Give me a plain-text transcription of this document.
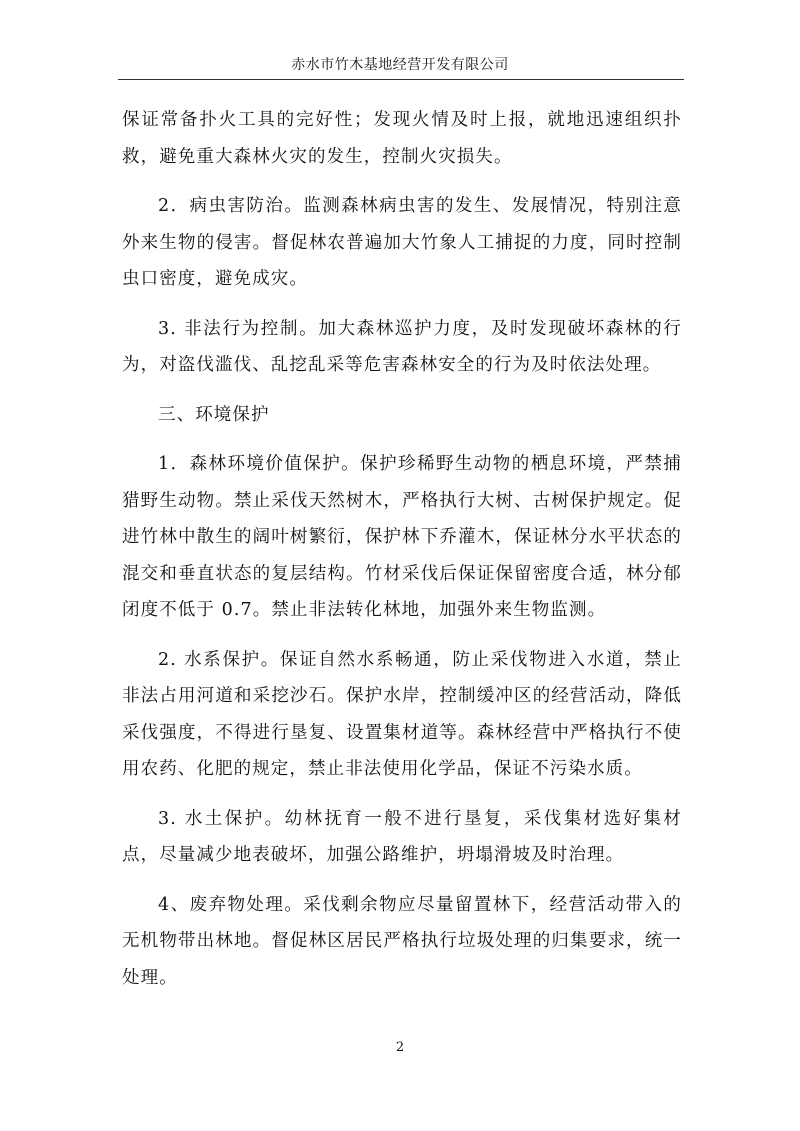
赤水市竹木基地经营开发有限公司

保证常备扑火工具的完好性；发现火情及时上报，就地迅速组织扑救，避免重大森林火灾的发生，控制火灾损失。

2．病虫害防治。监测森林病虫害的发生、发展情况，特别注意外来生物的侵害。督促林农普遍加大竹象人工捕捉的力度，同时控制虫口密度，避免成灾。

3. 非法行为控制。加大森林巡护力度，及时发现破坏森林的行为，对盗伐滥伐、乱挖乱采等危害森林安全的行为及时依法处理。

三、环境保护

1．森林环境价值保护。保护珍稀野生动物的栖息环境，严禁捕猎野生动物。禁止采伐天然树木，严格执行大树、古树保护规定。促进竹林中散生的阔叶树繁衍，保护林下乔灌木，保证林分水平状态的混交和垂直状态的复层结构。竹材采伐后保证保留密度合适，林分郁闭度不低于 0.7。禁止非法转化林地，加强外来生物监测。

2. 水系保护。保证自然水系畅通，防止采伐物进入水道，禁止非法占用河道和采挖沙石。保护水岸，控制缓冲区的经营活动，降低采伐强度，不得进行垦复、设置集材道等。森林经营中严格执行不使用农药、化肥的规定，禁止非法使用化学品，保证不污染水质。

3. 水土保护。幼林抚育一般不进行垦复，采伐集材选好集材点，尽量减少地表破坏，加强公路维护，坍塌滑坡及时治理。

4、废弃物处理。采伐剩余物应尽量留置林下，经营活动带入的无机物带出林地。督促林区居民严格执行垃圾处理的归集要求，统一处理。

2
